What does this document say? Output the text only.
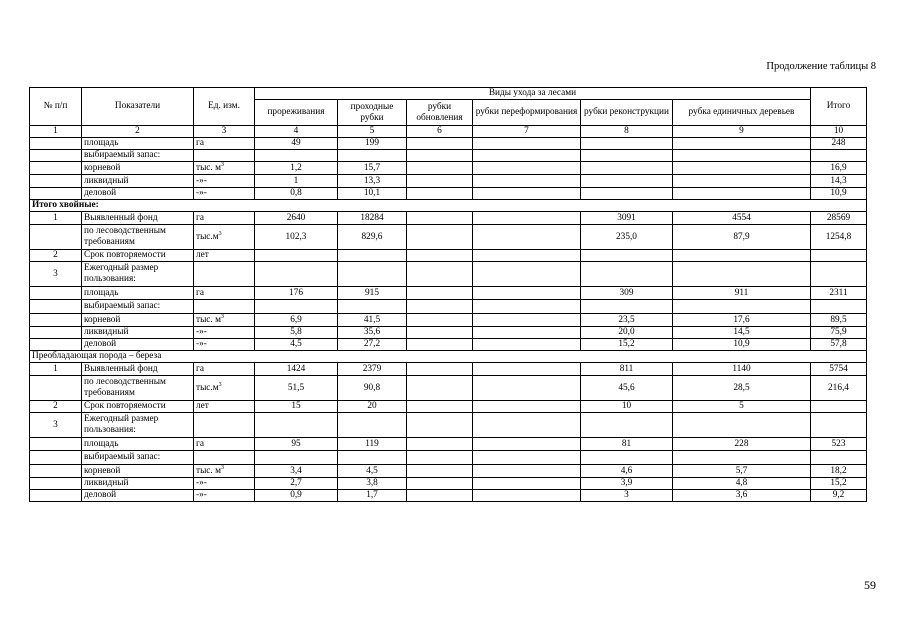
Продолжение таблицы 8
№ п/п	Показатели	Ед. изм.	Виды ухода за лесами						Итого
			прореживания	проходные рубки	рубки обновления	рубки переформирования	рубки реконструкции	рубка единичных деревьев	
1	2	3	4	5	6	7	8	9	10
	площадь	га	49	199					248
	выбираемый запас:								
	корневой	тыс. $м^3$	1,2	15,7					16,9
	ликвидный	-»-	1	13,3					14,3
	деловой	-»-	0,8	10,1					10,9
Итого хвойные:									
1	Выявленный фонд	га	2640	18284			3091	4554	28569
	по лесоводственным требованиям	$тыс.м^3$	102,3	829,6			235,0	87,9	1254,8
2	Срок повторяемости	лет							
3	Ежегодный размер пользования:								
	площадь	га	176	915			309	911	2311
	выбираемый запас:								
	корневой	тыс. $м^3$	6,9	41,5			23,5	17,6	89,5
	ликвидный	-»-	5,8	35,6			20,0	14,5	75,9
	деловой	-»-	4,5	27,2			15,2	10,9	57,8
Преобладающая порода – береза									
1	Выявленный фонд	га	1424	2379			811	1140	5754
	по лесоводственным требованиям	$тыс.м^3$	51,5	90,8			45,6	28,5	216,4
2	Срок повторяемости	лет	15	20			10	5	
3	Ежегодный размер пользования:								
	площадь	га	95	119			81	228	523
	выбираемый запас:								
	корневой	тыс. $м^3$	3,4	4,5			4,6	5,7	18,2
	ликвидный	-»-	2,7	3,8			3,9	4,8	15,2
	деловой	-»-	0,9	1,7			3	3,6	9,2
59
